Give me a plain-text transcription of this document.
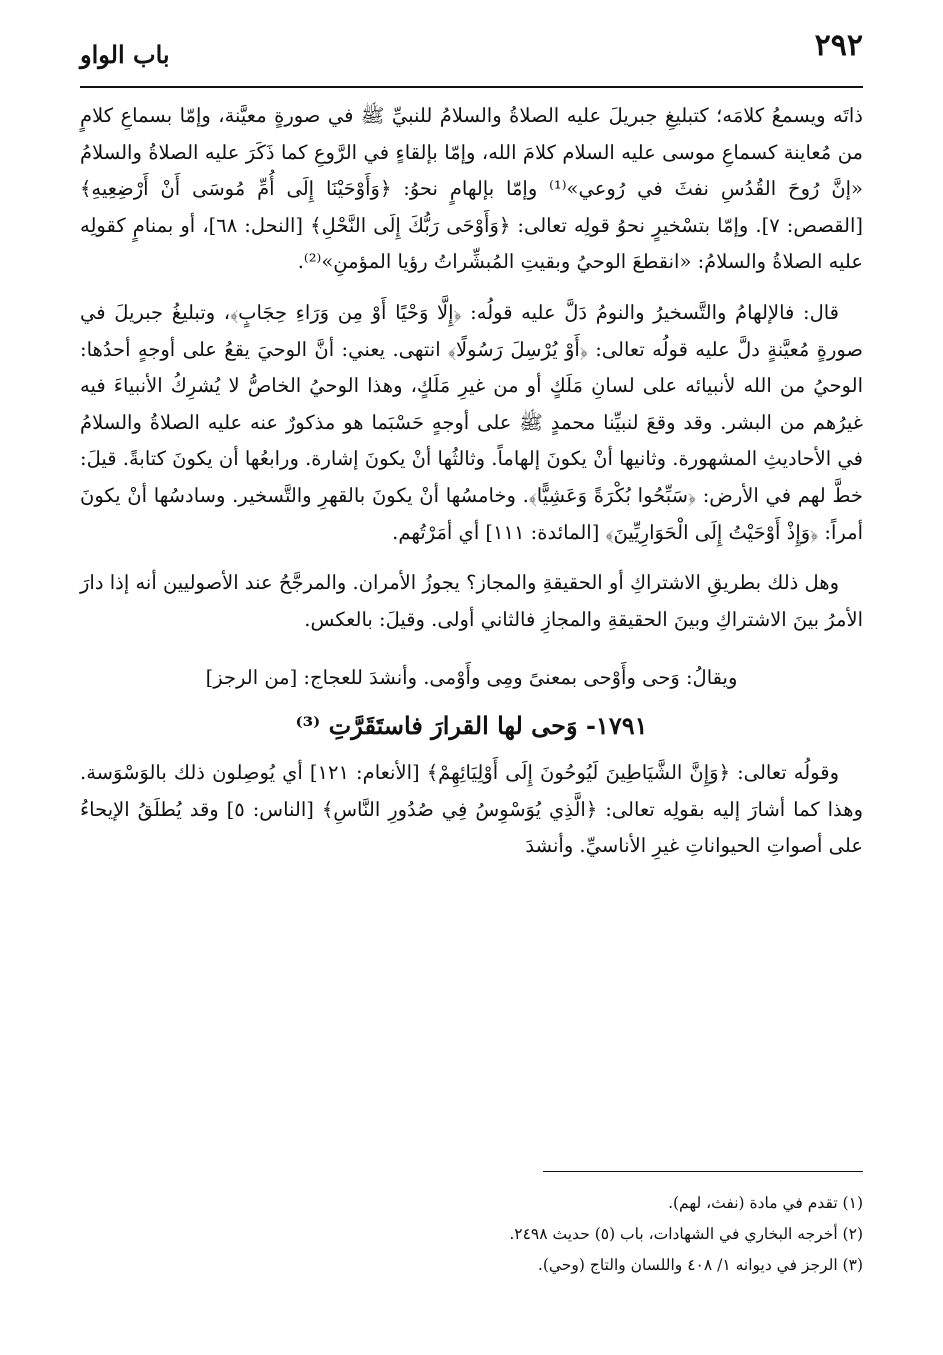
٢٩٢
باب الواو

ذاتَه ويسمعُ كلامَه؛ كتبليغِ جبريلَ عليه الصلاةُ والسلامُ للنبيِّ ﷺ في صورةٍ معيَّنة، وإمّا بسماعِ كلامٍ من مُعاينة كسماعِ موسى عليه السلام كلامَ الله، وإمّا بإلقاءٍ في الرَّوعِ كما ذَكَرَ عليه الصلاةُ والسلامُ «إنَّ رُوحَ القُدُسِ نفثَ في رُوعي»⁽¹⁾ وإمّا بإلهامٍ نحوُ: ﴿وَأَوْحَيْنَا إِلَى أُمِّ مُوسَى أَنْ أَرْضِعِيهِ﴾ [القصص: ٧]. وإمّا بتسْخيرٍ نحوُ قولِه تعالى: ﴿وَأَوْحَى رَبُّكَ إِلَى النَّحْلِ﴾ [النحل: ٦٨]، أو بمنامٍ كقولِه عليه الصلاةُ والسلامُ: «انقطعَ الوحيُ وبقيتِ المُبشِّراتُ رؤيا المؤمنِ»⁽²⁾.

قال: فالإلهامُ والتَّسخيرُ والنومُ دَلَّ عليه قولُه: ﴿إِلَّا وَحْيًا أَوْ مِن وَرَاءِ حِجَابٍ﴾، وتبليغُ جبريلَ في صورةٍ مُعيَّنةٍ دلَّ عليه قولُه تعالى: ﴿أَوْ يُرْسِلَ رَسُولًا﴾ انتهى. يعني: أنَّ الوحيَ يقعُ على أوجهٍ أحدُها: الوحيُ من الله لأنبيائه على لسانِ مَلَكٍ أو من غيرِ مَلَكٍ، وهذا الوحيُ الخاصُّ لا يُشرِكُ الأنبياءَ فيه غيرُهم من البشر. وقد وقعَ لنبيِّنا محمدٍ ﷺ على أوجهٍ حَسْبَما هو مذكورٌ عنه عليه الصلاةُ والسلامُ في الأحاديثِ المشهورة. وثانيها أنْ يكونَ إلهاماً. وثالثُها أنْ يكونَ إشارة. ورابعُها أن يكونَ كتابةً. قيلَ: خطَّ لهم في الأرض: ﴿سَبِّحُوا بُكْرَةً وَعَشِيًّا﴾. وخامسُها أنْ يكونَ بالقهرِ والتَّسخير. وسادسُها أنْ يكونَ أمراً: ﴿وَإِذْ أَوْحَيْتُ إِلَى الْحَوَارِيِّينَ﴾ [المائدة: ١١١] أي أمَرْتُهم.

وهل ذلك بطريقِ الاشتراكِ أو الحقيقةِ والمجاز؟ يجوزُ الأمران. والمرجَّحُ عند الأصوليين أنه إذا دارَ الأمرُ بينَ الاشتراكِ وبينَ الحقيقةِ والمجازِ فالثاني أولى. وقيلَ: بالعكس.

ويقالُ: وَحى وأَوْحى بمعنىً ومِى وأَوْمى. وأنشدَ للعجاج: [من الرجز]

١٧٩١- وَحى لها القرارَ فاستَقَرَّتِ ⁽³⁾

وقولُه تعالى: ﴿وَإِنَّ الشَّيَاطِينَ لَيُوحُونَ إِلَى أَوْلِيَائِهِمْ﴾ [الأنعام: ١٢١] أي يُوصِلون ذلك بالوَسْوَسة. وهذا كما أشارَ إليه بقولِه تعالى: ﴿الَّذِي يُوَسْوِسُ فِي صُدُورِ النَّاسِ﴾ [الناس: ٥] وقد يُطلَقُ الإيحاءُ على أصواتِ الحيواناتِ غيرِ الأناسيِّ. وأنشدَ

(١) تقدم في مادة (نفث، لهم).
(٢) أخرجه البخاري في الشهادات، باب (٥) حديث ٢٤٩٨.
(٣) الرجز في ديوانه ١/ ٤٠٨ واللسان والتاج (وحي).
